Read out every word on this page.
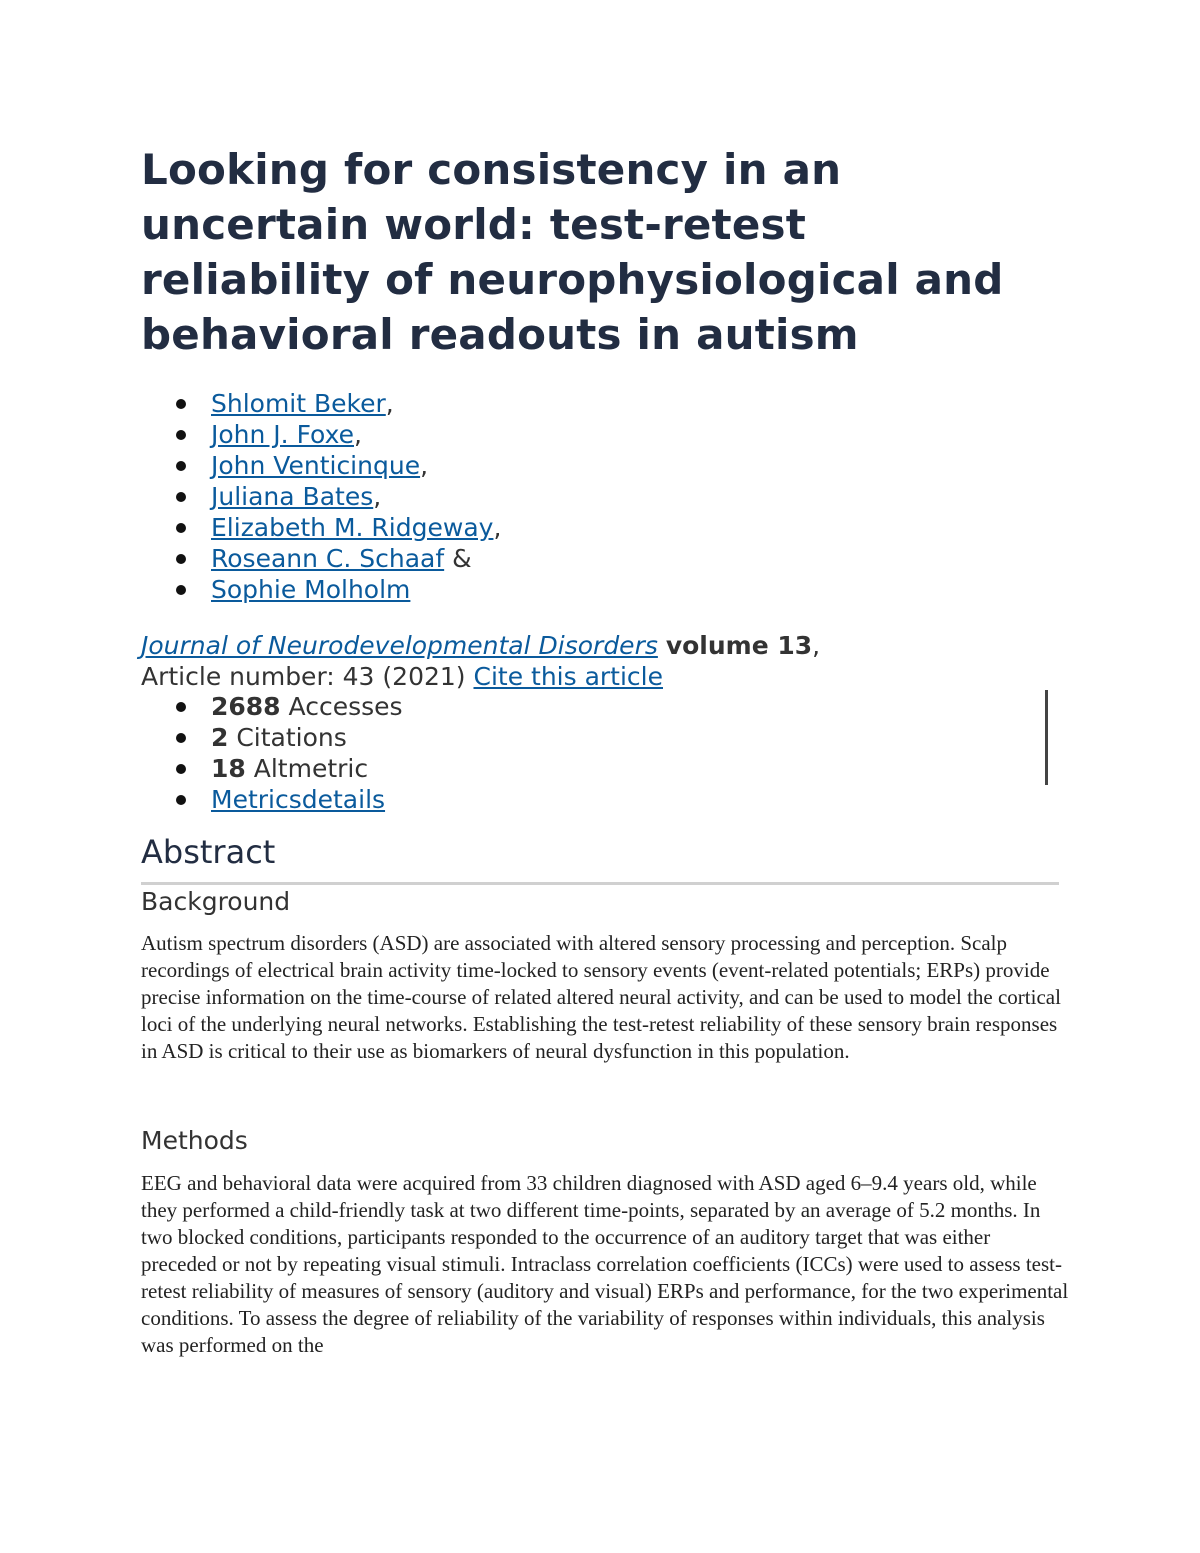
Looking for consistency in an uncertain world: test-retest reliability of neurophysiological and behavioral readouts in autism
Shlomit Beker,
John J. Foxe,
John Venticinque,
Juliana Bates,
Elizabeth M. Ridgeway,
Roseann C. Schaaf &
Sophie Molholm
Journal of Neurodevelopmental Disorders volume 13,
Article number: 43 (2021) Cite this article
2688 Accesses
2 Citations
18 Altmetric
Metricsdetails
Abstract
Background

Autism spectrum disorders (ASD) are associated with altered sensory processing and perception. Scalp recordings of electrical brain activity time-locked to sensory events (event-related potentials; ERPs) provide precise information on the time-course of related altered neural activity, and can be used to model the cortical loci of the underlying neural networks. Establishing the test-retest reliability of these sensory brain responses in ASD is critical to their use as biomarkers of neural dysfunction in this population.

Methods

EEG and behavioral data were acquired from 33 children diagnosed with ASD aged 6–9.4 years old, while they performed a child-friendly task at two different time-points, separated by an average of 5.2 months. In two blocked conditions, participants responded to the occurrence of an auditory target that was either preceded or not by repeating visual stimuli. Intraclass correlation coefficients (ICCs) were used to assess test-retest reliability of measures of sensory (auditory and visual) ERPs and performance, for the two experimental conditions. To assess the degree of reliability of the variability of responses within individuals, this analysis was performed on the
